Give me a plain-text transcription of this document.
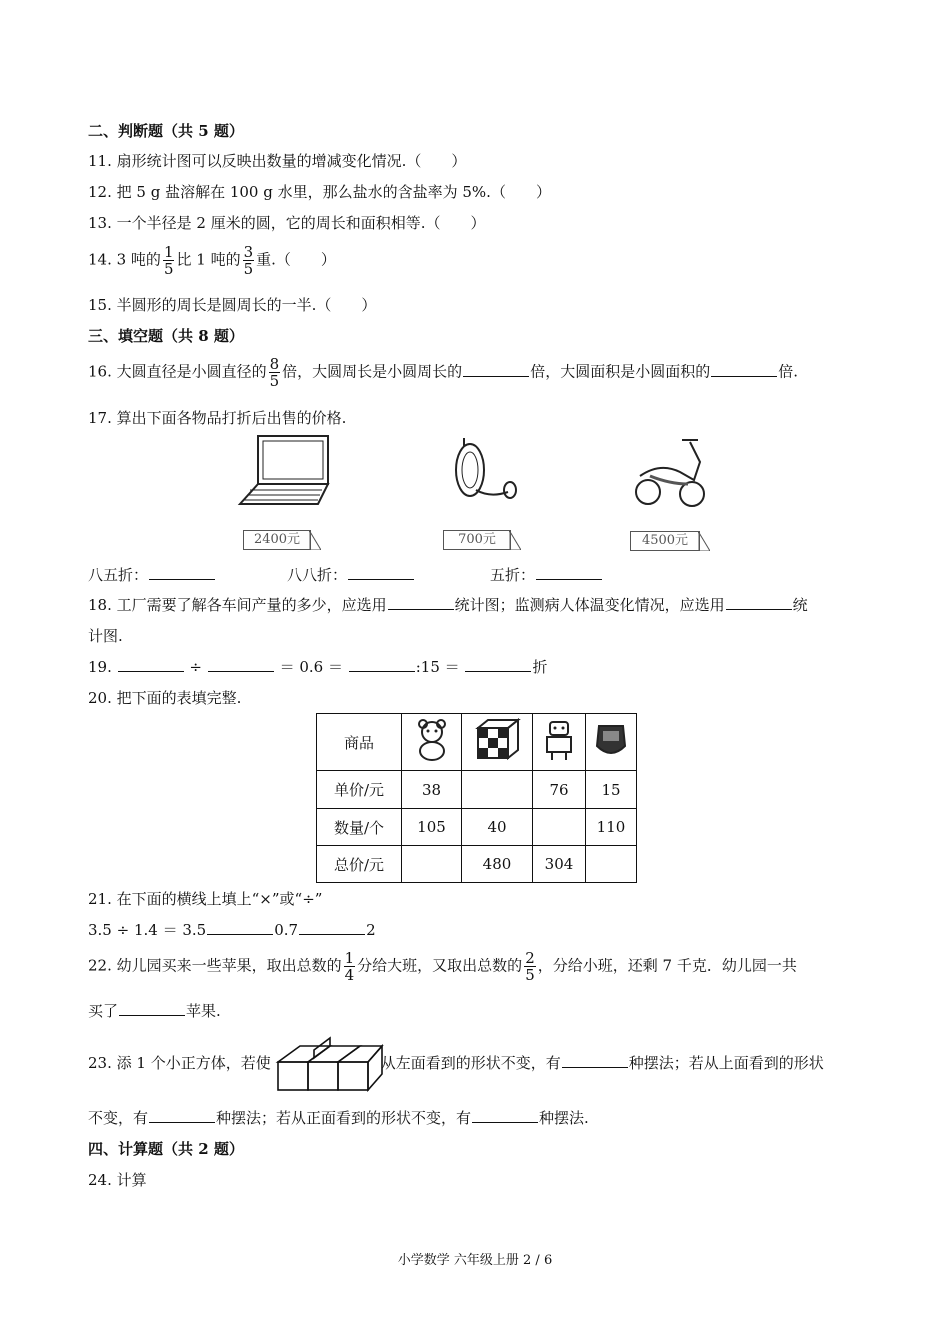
二、判断题（共 5 题）
11. 扇形统计图可以反映出数量的增减变化情况.（　　）
12. 把 5 g 盐溶解在 100 g 水里，那么盐水的含盐率为 5%.（　　）
13. 一个半径是 2 厘米的圆，它的周长和面积相等.（　　）
14. 3 吨的 $\frac{1}{5}$ 比 1 吨的 $\frac{3}{5}$ 重.（　　）
15. 半圆形的周长是圆周长的一半.（　　）
三、填空题（共 8 题）
16. 大圆直径是小圆直径的 $\frac{8}{5}$ 倍，大圆周长是小圆周长的	倍，大圆面积是小圆面积的	倍.
17. 算出下面各物品打折后出售的价格.
2400元	700元	4500元
八五折：	八八折：	五折：
18. 工厂需要了解各车间产量的多少，应选用	统计图；监测病人体温变化情况，应选用	统
计图.
19.	÷	＝ 0.6 ＝	:15 ＝	折
20. 把下面的表填完整.
商品				
单价/元	38		76	15
数量/个	105	40		110
总价/元		480	304	
21. 在下面的横线上填上“×”或“÷”
3.5 ÷ 1.4 ＝ 3.5	0.7	2
22. 幼儿园买来一些苹果，取出总数的 $\frac{1}{4}$ 分给大班，又取出总数的 $\frac{2}{5}$ ，分给小班，还剩 7 千克．幼儿园一共
买了	苹果.
23. 添 1 个小正方体，若使	从左面看到的形状不变，有	种摆法；若从上面看到的形状
不变，有	种摆法；若从正面看到的形状不变，有	种摆法.
四、计算题（共 2 题）
24. 计算
小学数学 六年级上册 2 / 6
